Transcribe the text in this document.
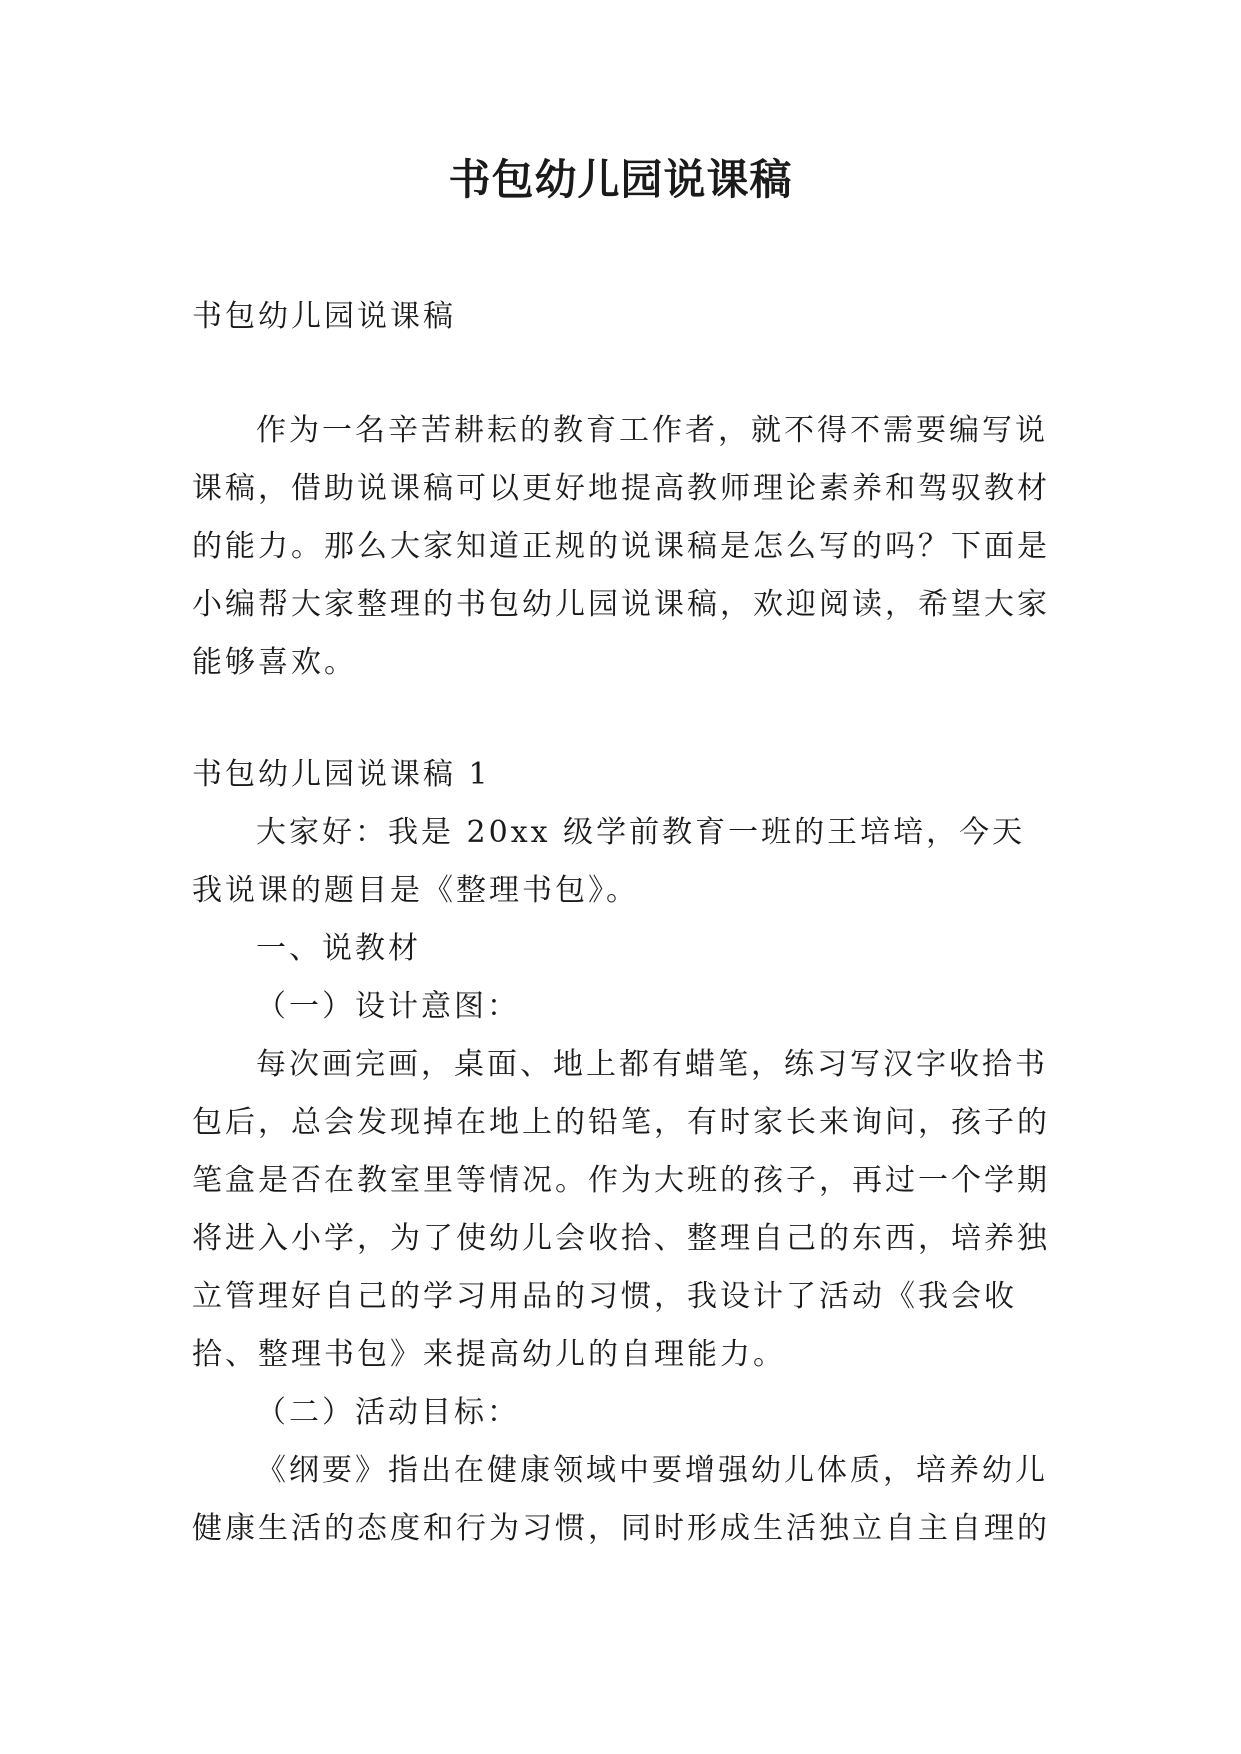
书包幼儿园说课稿

书包幼儿园说课稿

作为一名辛苦耕耘的教育工作者，就不得不需要编写说课稿，借助说课稿可以更好地提高教师理论素养和驾驭教材的能力。那么大家知道正规的说课稿是怎么写的吗？下面是小编帮大家整理的书包幼儿园说课稿，欢迎阅读，希望大家能够喜欢。

书包幼儿园说课稿 1

大家好：我是 20xx 级学前教育一班的王培培，今天我说课的题目是《整理书包》。

一、说教材

（一）设计意图：

每次画完画，桌面、地上都有蜡笔，练习写汉字收拾书包后，总会发现掉在地上的铅笔，有时家长来询问，孩子的笔盒是否在教室里等情况。作为大班的孩子，再过一个学期将进入小学，为了使幼儿会收拾、整理自己的东西，培养独立管理好自己的学习用品的习惯，我设计了活动《我会收拾、整理书包》来提高幼儿的自理能力。

（二）活动目标：

《纲要》指出在健康领域中要增强幼儿体质，培养幼儿健康生活的态度和行为习惯，同时形成生活独立自主自理的
